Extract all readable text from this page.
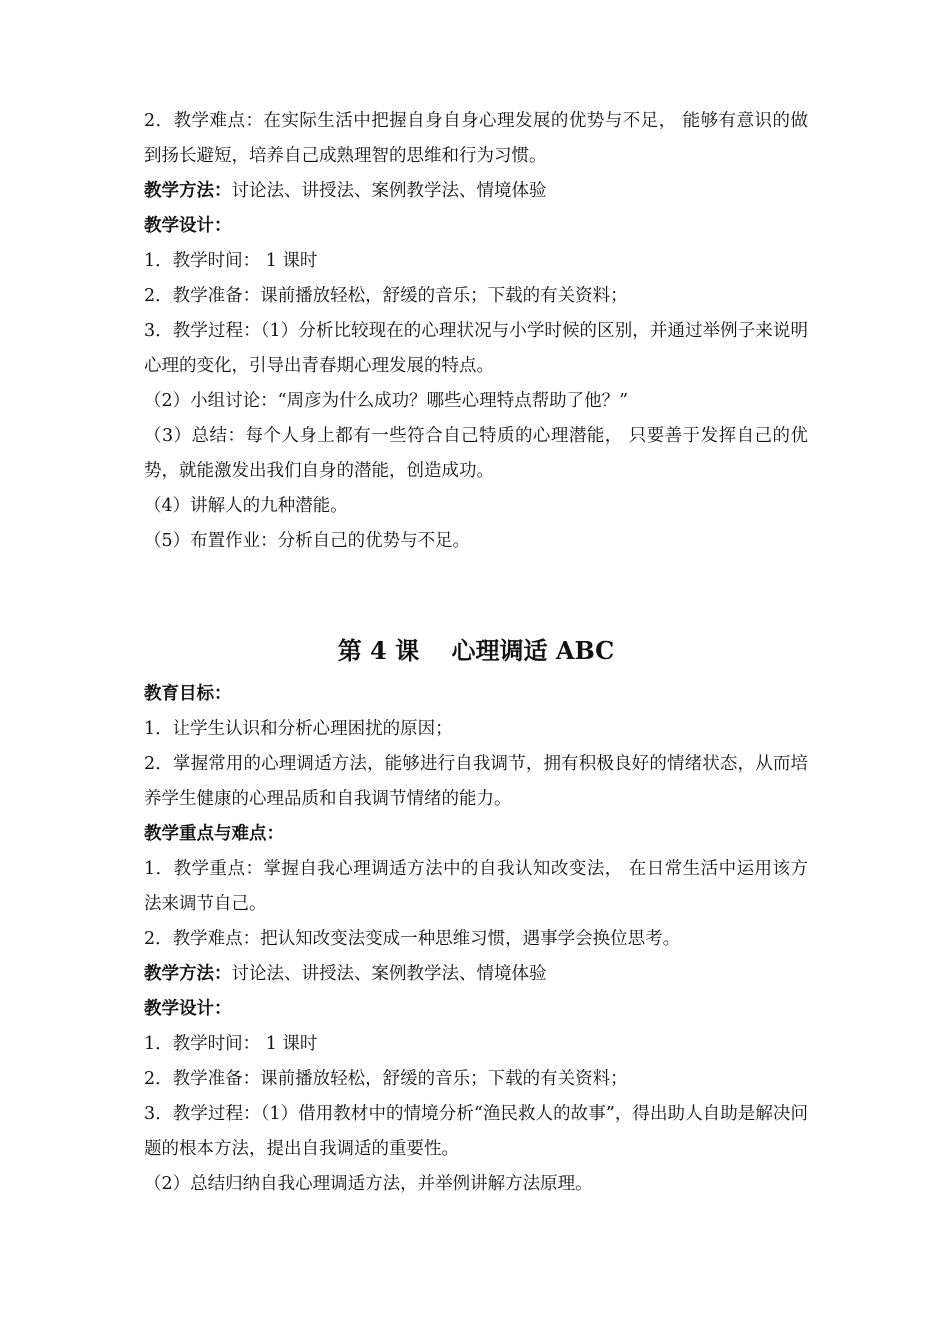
2．教学难点：在实际生活中把握自身自身心理发展的优势与不足， 能够有意识的做到扬长避短，培养自己成熟理智的思维和行为习惯。

教学方法：讨论法、讲授法、案例教学法、情境体验

教学设计：

1．教学时间： 1 课时

2．教学准备：课前播放轻松，舒缓的音乐；下载的有关资料；

3．教学过程：（1）分析比较现在的心理状况与小学时候的区别，并通过举例子来说明心理的变化，引导出青春期心理发展的特点。

（2）小组讨论：“周彦为什么成功？哪些心理特点帮助了他？”

（3）总结：每个人身上都有一些符合自己特质的心理潜能， 只要善于发挥自己的优势，就能激发出我们自身的潜能，创造成功。

（4）讲解人的九种潜能。

（5）布置作业：分析自己的优势与不足。

第 4 课　 心理调适 ABC

教育目标：

1．让学生认识和分析心理困扰的原因；

2．掌握常用的心理调适方法，能够进行自我调节，拥有积极良好的情绪状态，从而培养学生健康的心理品质和自我调节情绪的能力。

教学重点与难点：

1．教学重点：掌握自我心理调适方法中的自我认知改变法， 在日常生活中运用该方法来调节自己。

2．教学难点：把认知改变法变成一种思维习惯，遇事学会换位思考。

教学方法：讨论法、讲授法、案例教学法、情境体验

教学设计：

1．教学时间： 1 课时

2．教学准备：课前播放轻松，舒缓的音乐；下载的有关资料；

3．教学过程：（1）借用教材中的情境分析“渔民救人的故事”，得出助人自助是解决问题的根本方法，提出自我调适的重要性。

（2）总结归纳自我心理调适方法，并举例讲解方法原理。
